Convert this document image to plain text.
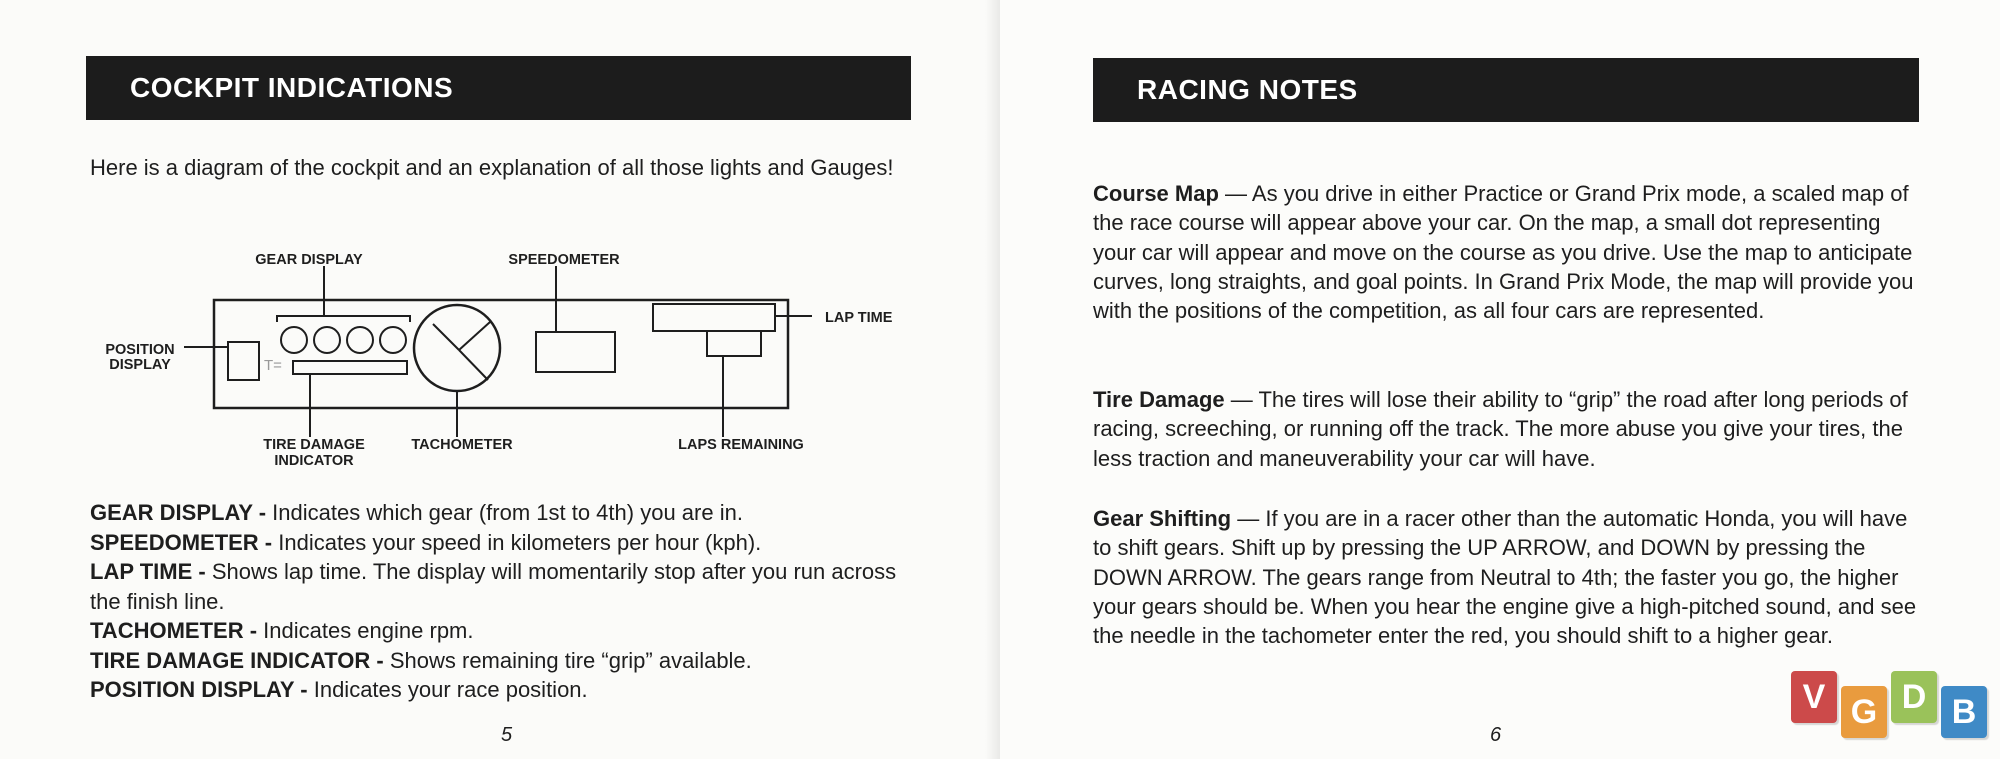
COCKPIT INDICATIONS

Here is a diagram of the cockpit and an explanation of all those lights and Gauges!

T=
GEAR DISPLAY	SPEEDOMETER
LAP TIME
POSITION
DISPLAY
TIRE DAMAGE
INDICATOR
TACHOMETER	LAPS REMAINING
GEAR DISPLAY - Indicates which gear (from 1st to 4th) you are in.
SPEEDOMETER - Indicates your speed in kilometers per hour (kph).
LAP TIME - Shows lap time. The display will momentarily stop after you run across the finish line.
TACHOMETER - Indicates engine rpm.
TIRE DAMAGE INDICATOR - Shows remaining tire “grip” available.
POSITION DISPLAY - Indicates your race position.
5
RACING NOTES

Course Map — As you drive in either Practice or Grand Prix mode, a scaled map of the race course will appear above your car. On the map, a small dot representing your car will appear and move on the course as you drive. Use the map to anticipate curves, long straights, and goal points. In Grand Prix Mode, the map will provide you with the positions of the competition, as all four cars are represented.

Tire Damage — The tires will lose their ability to “grip” the road after long periods of racing, screeching, or running off the track. The more abuse you give your tires, the less traction and maneuverability your car will have.

Gear Shifting — If you are in a racer other than the automatic Honda, you will have to shift gears. Shift up by pressing the UP ARROW, and DOWN by pressing the DOWN ARROW. The gears range from Neutral to 4th; the faster you go, the higher your gears should be. When you hear the engine give a high-pitched sound, and see the needle in the tachometer enter the red, you should shift to a higher gear.

6
V G D B
